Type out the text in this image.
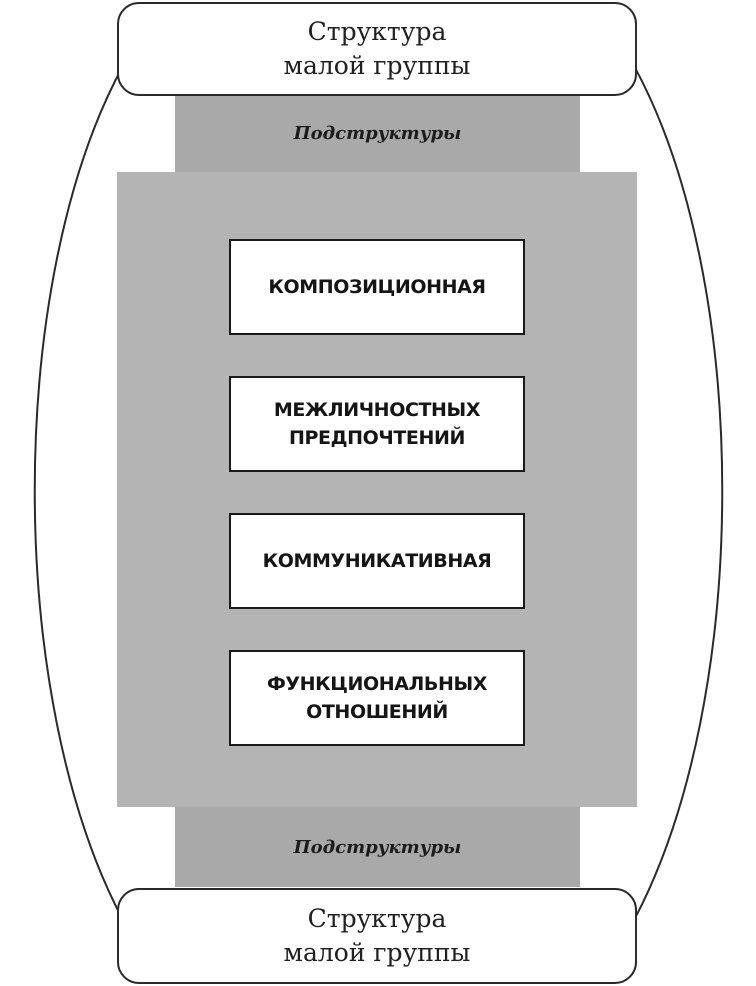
Подструктуры
Подструктуры
Структура
малой группы
КОМПОЗИЦИОННАЯ
МЕЖЛИЧНОСТНЫХ
ПРЕДПОЧТЕНИЙ
КОММУНИКАТИВНАЯ
ФУНКЦИОНАЛЬНЫХ
ОТНОШЕНИЙ
Структура
малой группы
